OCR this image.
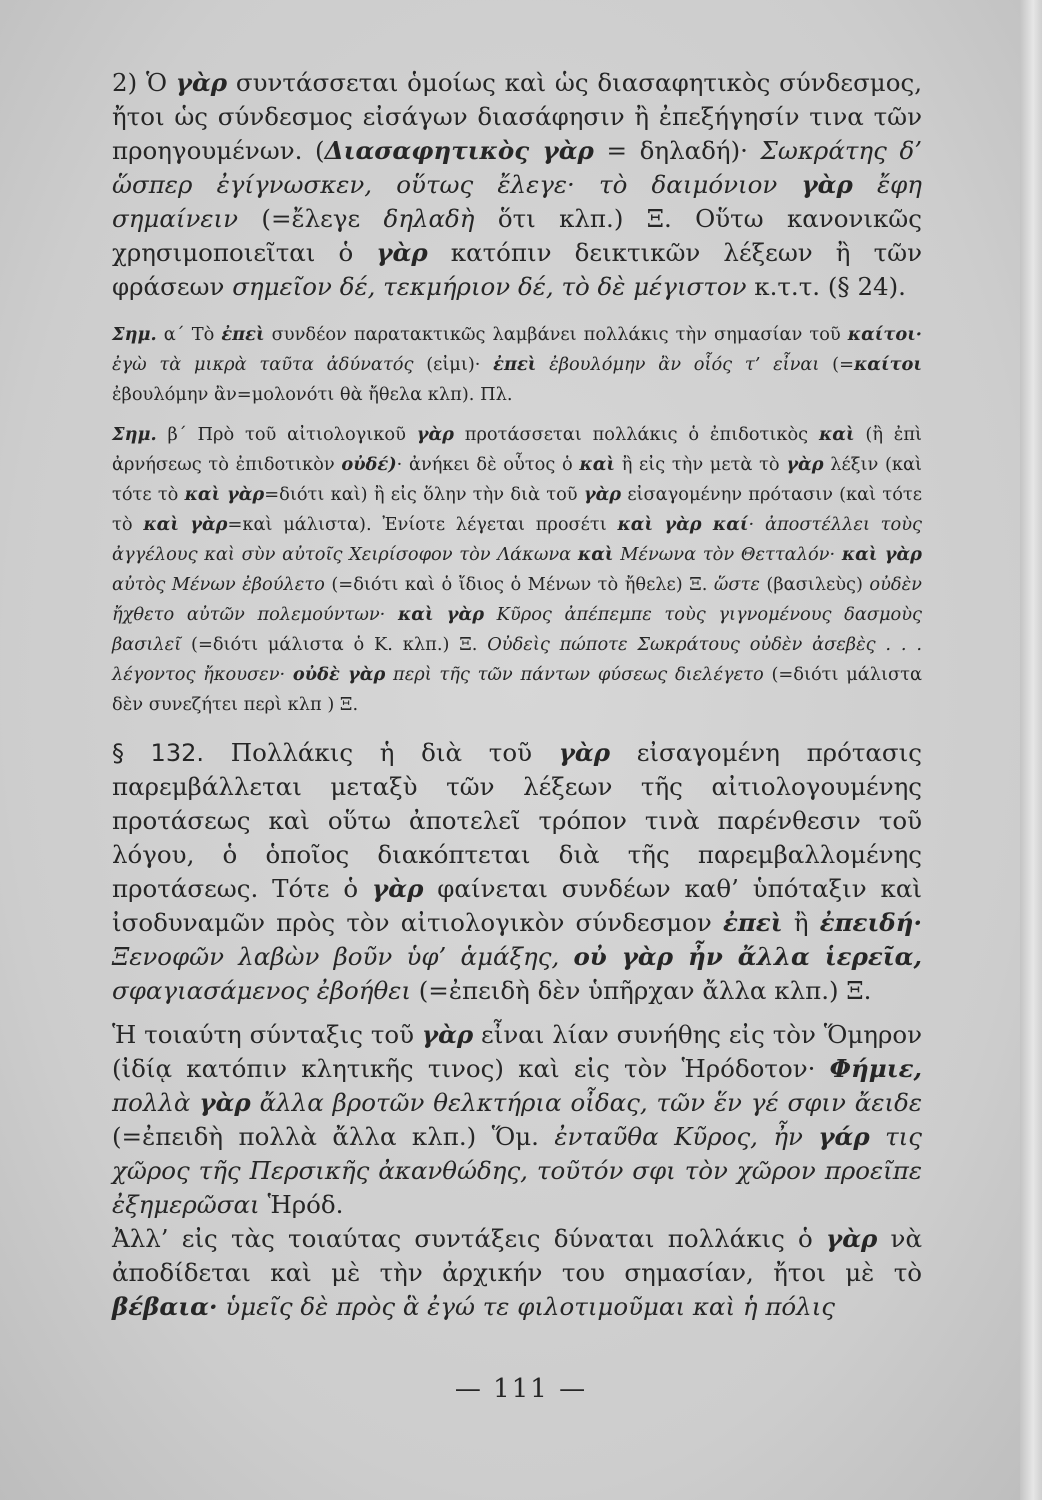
2) Ὁ γὰρ συντάσσεται ὁμοίως καὶ ὡς διασαφητικὸς σύνδεσμος, ἤτοι ὡς σύνδεσμος εἰσάγων διασάφησιν ἢ ἐπεξήγησίν τινα τῶν προηγουμένων. (Διασαφητικὸς γὰρ = δηλαδή)· Σωκράτης δ’ ὥσπερ ἐγίγνωσκεν, οὕτως ἔλεγε· τὸ δαιμόνιον γὰρ ἔφη σημαίνειν (=ἔλεγε δηλαδὴ ὅτι κλπ.) Ξ. Οὕτω κανονικῶς χρησιμοποιεῖται ὁ γὰρ κατόπιν δεικτικῶν λέξεων ἢ τῶν φράσεων σημεῖον δέ, τεκμήριον δέ, τὸ δὲ μέγιστον κ.τ.τ. (§ 24).

Σημ. α΄ Τὸ ἐπεὶ συνδέον παρατακτικῶς λαμβάνει πολλάκις τὴν σημασίαν τοῦ καίτοι· ἐγὼ τὰ μικρὰ ταῦτα ἀδύνατός (εἰμι)· ἐπεὶ ἐβουλόμην ἂν οἷός τ’ εἶναι (=καίτοι ἐβουλόμην ἂν=μολονότι θὰ ἤθελα κλπ). Πλ.

Σημ. β΄ Πρὸ τοῦ αἰτιολογικοῦ γὰρ προτάσσεται πολλάκις ὁ ἐπιδοτικὸς καὶ (ἢ ἐπὶ ἀρνήσεως τὸ ἐπιδοτικὸν οὐδέ)· ἀνήκει δὲ οὗτος ὁ καὶ ἢ εἰς τὴν μετὰ τὸ γὰρ λέξιν (καὶ τότε τὸ καὶ γὰρ=διότι καὶ) ἢ εἰς ὅλην τὴν διὰ τοῦ γὰρ εἰσαγομένην πρότασιν (καὶ τότε τὸ καὶ γὰρ=καὶ μάλιστα). Ἐνίοτε λέγεται προσέτι καὶ γὰρ καί· ἀποστέλλει τοὺς ἀγγέλους καὶ σὺν αὐτοῖς Χειρίσοφον τὸν Λάκωνα καὶ Μένωνα τὸν Θετταλόν· καὶ γὰρ αὐτὸς Μένων ἐβούλετο (=διότι καὶ ὁ ἴδιος ὁ Μένων τὸ ἤθελε) Ξ. ὥστε (βασιλεὺς) οὐδὲν ἤχθετο αὐτῶν πολεμούντων· καὶ γὰρ Κῦρος ἀπέπεμπε τοὺς γιγνομένους δασμοὺς βασιλεῖ (=διότι μάλιστα ὁ Κ. κλπ.) Ξ. Οὐδεὶς πώποτε Σωκράτους οὐδὲν ἀσεβὲς . . . λέγοντος ἤκουσεν· οὐδὲ γὰρ περὶ τῆς τῶν πάντων φύσεως διελέγετο (=διότι μάλιστα δὲν συνεζήτει περὶ κλπ ) Ξ.

§ 132. Πολλάκις ἡ διὰ τοῦ γὰρ εἰσαγομένη πρότασις παρεμβάλλεται μεταξὺ τῶν λέξεων τῆς αἰτιολογουμένης προτάσεως καὶ οὕτω ἀποτελεῖ τρόπον τινὰ παρένθεσιν τοῦ λόγου, ὁ ὁποῖος διακόπτεται διὰ τῆς παρεμβαλλομένης προτάσεως. Τότε ὁ γὰρ φαίνεται συνδέων καθ’ ὑπόταξιν καὶ ἰσοδυναμῶν πρὸς τὸν αἰτιολογικὸν σύνδεσμον ἐπεὶ ἢ ἐπειδή· Ξενοφῶν λαβὼν βοῦν ὑφ’ ἁμάξης, οὐ γὰρ ἦν ἄλλα ἱερεῖα, σφαγιασάμενος ἐβοήθει (=ἐπειδὴ δὲν ὑπῆρχαν ἄλλα κλπ.) Ξ.

Ἡ τοιαύτη σύνταξις τοῦ γὰρ εἶναι λίαν συνήθης εἰς τὸν Ὅμηρον (ἰδίᾳ κατόπιν κλητικῆς τινος) καὶ εἰς τὸν Ἡρόδοτον· Φήμιε, πολλὰ γὰρ ἄλλα βροτῶν θελκτήρια οἶδας, τῶν ἕν γέ σφιν ἄειδε (=ἐπειδὴ πολλὰ ἄλλα κλπ.) Ὅμ. ἐνταῦθα Κῦρος, ἦν γάρ τις χῶρος τῆς Περσικῆς ἀκανθώδης, τοῦτόν σφι τὸν χῶρον προεῖπε ἐξημερῶσαι Ἡρόδ.

Ἀλλ’ εἰς τὰς τοιαύτας συντάξεις δύναται πολλάκις ὁ γὰρ νὰ ἀποδίδεται καὶ μὲ τὴν ἀρχικήν του σημασίαν, ἤτοι μὲ τὸ βέβαια· ὑμεῖς δὲ πρὸς ἃ ἐγώ τε φιλοτιμοῦμαι καὶ ἡ πόλις

— 111 —
